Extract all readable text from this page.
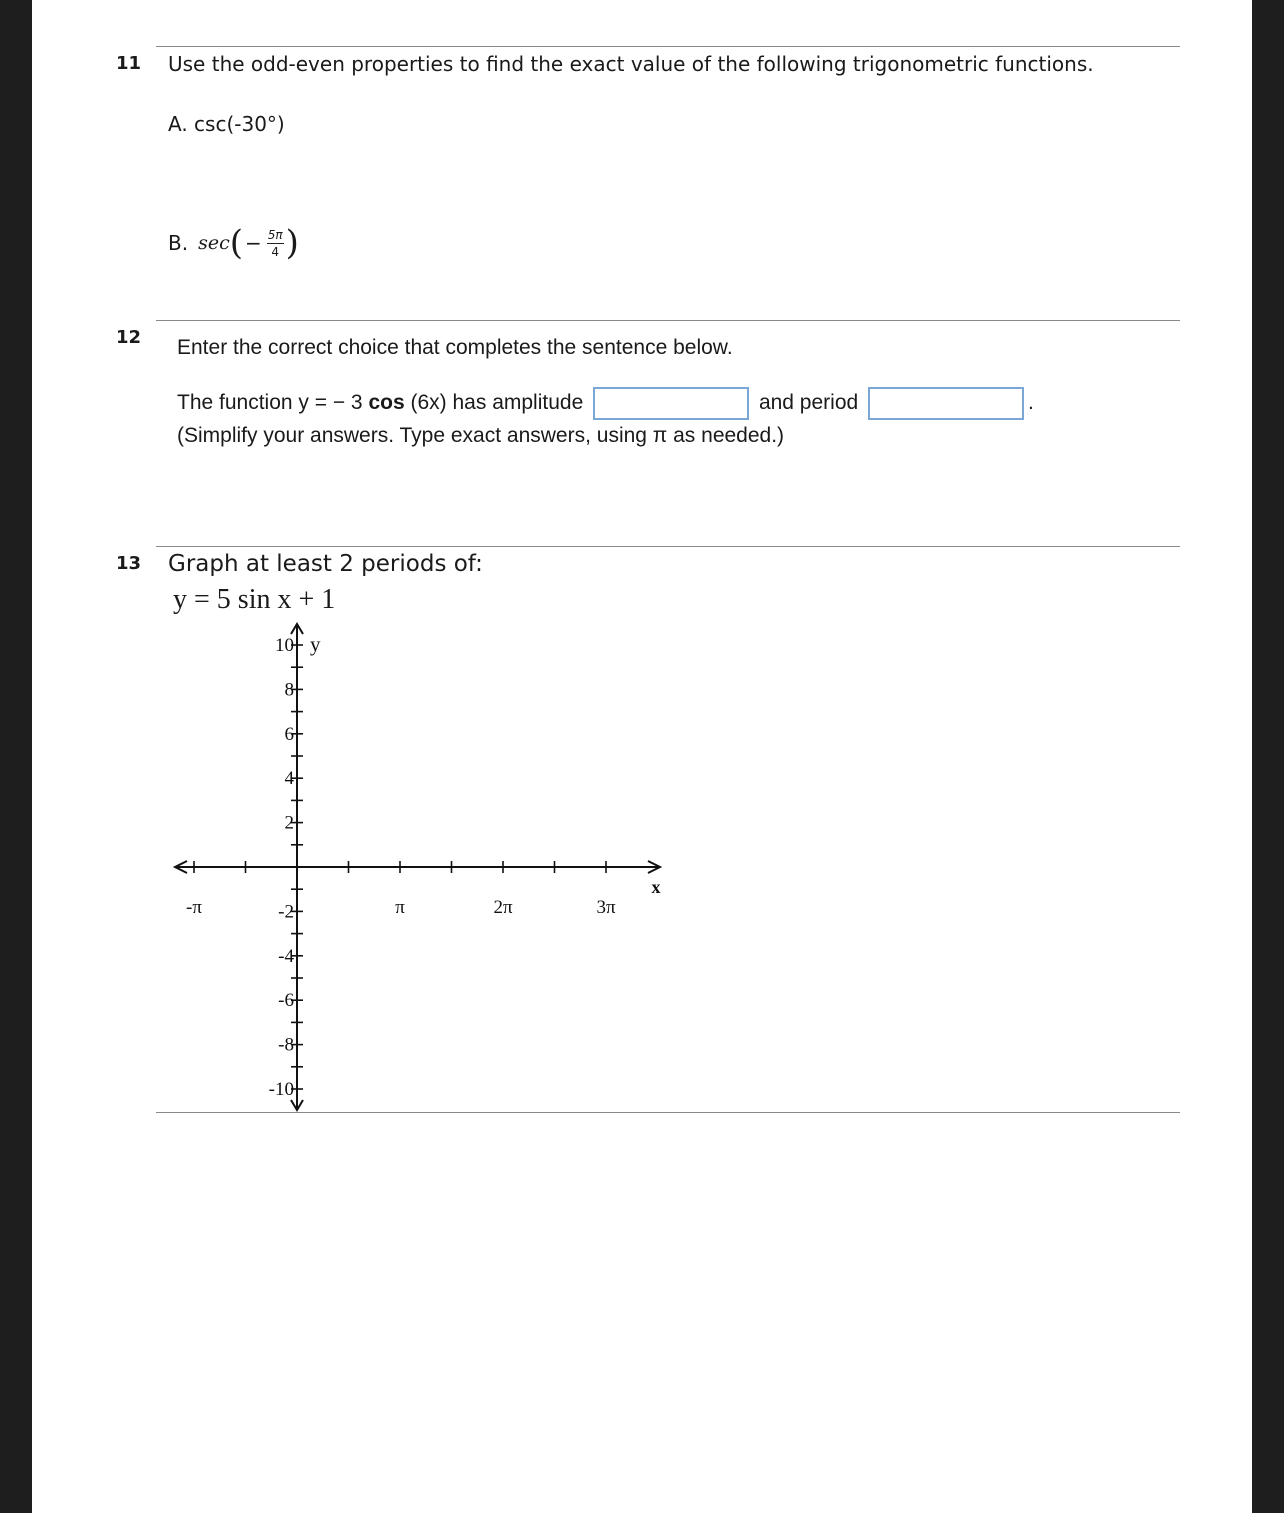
11 Use the odd-even properties to find the exact value of the following trigonometric functions.
A. csc(-30°)
B. sec ( − $\frac{5\pi}{4}$ )
12 Enter the correct choice that completes the sentence below.
The function y = − 3 cos (6x) has amplitude	and period	.
(Simplify your answers. Type exact answers, using π as needed.)
13 Graph at least 2 periods of:
y = 5 sin x + 1
-π	π	2π	3π
10
8
6
4
2
-2
-4
-6
-8
-10
x
y
